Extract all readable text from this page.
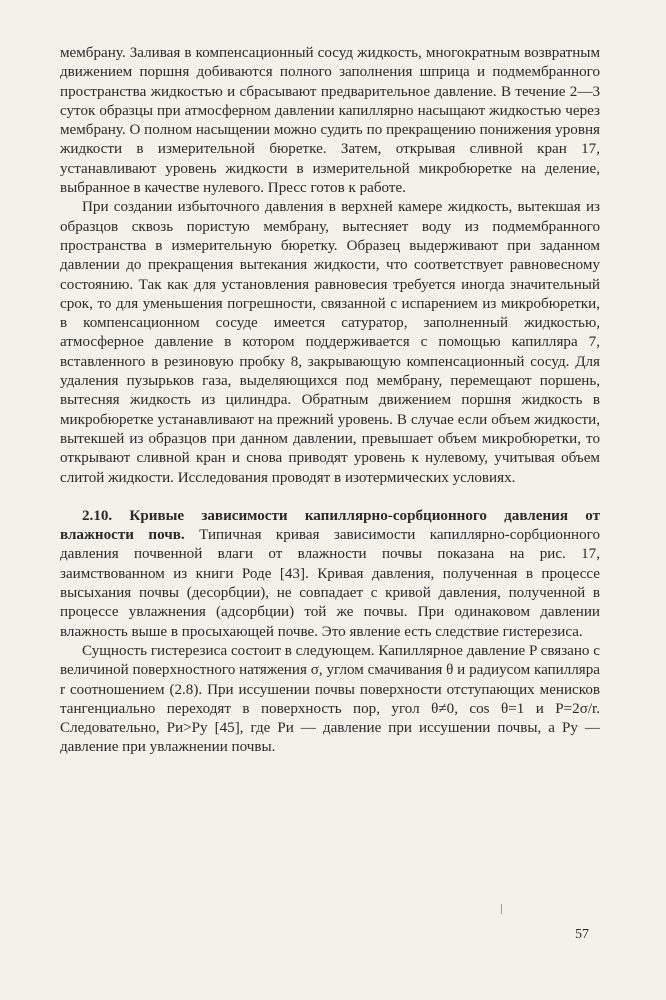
мембрану. Заливая в компенсационный сосуд жидкость, многократным возвратным движением поршня добиваются полного заполнения шприца и подмембранного пространства жидкостью и сбрасывают предварительное давление. В течение 2—3 суток образцы при атмосферном давлении капиллярно насыщают жидкостью через мембрану. О полном насыщении можно судить по прекращению понижения уровня жидкости в измерительной бюретке. Затем, открывая сливной кран 17, устанавливают уровень жидкости в измерительной микробюретке на деление, выбранное в качестве нулевого. Пресс готов к работе.

При создании избыточного давления в верхней камере жидкость, вытекшая из образцов сквозь пористую мембрану, вытесняет воду из подмембранного пространства в измерительную бюретку. Образец выдерживают при заданном давлении до прекращения вытекания жидкости, что соответствует равновесному состоянию. Так как для установления равновесия требуется иногда значительный срок, то для уменьшения погрешности, связанной с испарением из микробюретки, в компенсационном сосуде имеется сатуратор, заполненный жидкостью, атмосферное давление в котором поддерживается с помощью капилляра 7, вставленного в резиновую пробку 8, закрывающую компенсационный сосуд. Для удаления пузырьков газа, выделяющихся под мембрану, перемещают поршень, вытесняя жидкость из цилиндра. Обратным движением поршня жидкость в микробюретке устанавливают на прежний уровень. В случае если объем жидкости, вытекшей из образцов при данном давлении, превышает объем микробюретки, то открывают сливной кран и снова приводят уровень к нулевому, учитывая объем слитой жидкости. Исследования проводят в изотермических условиях.

2.10. Кривые зависимости капиллярно-сорбционного давления от влажности почв. Типичная кривая зависимости капиллярно-сорбционного давления почвенной влаги от влажности почвы показана на рис. 17, заимствованном из книги Роде [43]. Кривая давления, полученная в процессе высыхания почвы (десорбции), не совпадает с кривой давления, полученной в процессе увлажнения (адсорбции) той же почвы. При одинаковом давлении влажность выше в просыхающей почве. Это явление есть следствие гистерезиса.

Сущность гистерезиса состоит в следующем. Капиллярное давление P связано с величиной поверхностного натяжения σ, углом смачивания θ и радиусом капилляра r соотношением (2.8). При иссушении почвы поверхности отступающих менисков тангенциально переходят в поверхность пор, угол θ≠0, cos θ=1 и P=2σ/r. Следовательно, Pи>Pу [45], где Pи — давление при иссушении почвы, а Pу — давление при увлажнении почвы.

57
